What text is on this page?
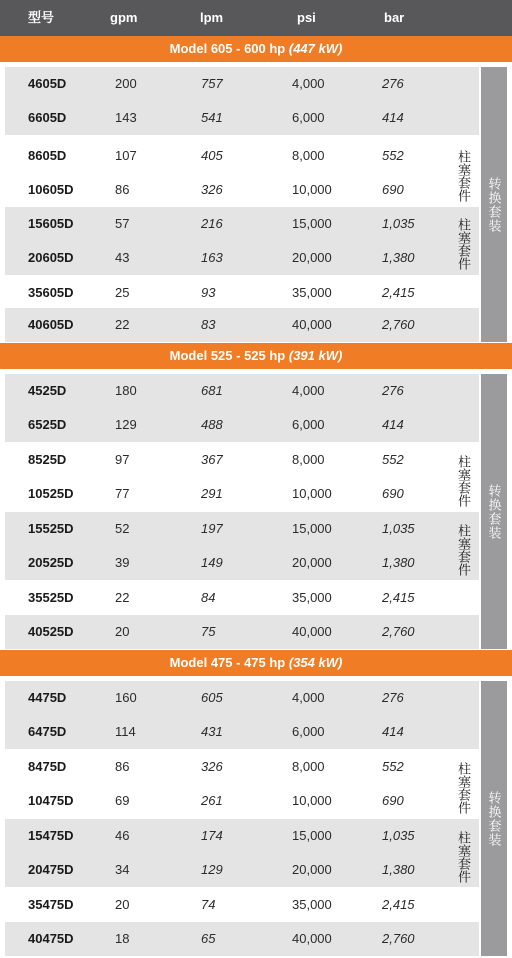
型号	gpm	lpm	psi	bar
Model 605 - 600 hp (447 kW)
4605D	200	757	4,000	276
6605D	143	541	6,000	414
8605D	107	405	8,000	552
10605D	86	326	10,000	690
15605D	57	216	15,000	1,035
20605D	43	163	20,000	1,380
35605D	25	93	35,000	2,415
40605D	22	83	40,000	2,760
柱塞套件
柱塞套件
转换套装
Model 525 - 525 hp (391 kW)
4525D	180	681	4,000	276
6525D	129	488	6,000	414
8525D	97	367	8,000	552
10525D	77	291	10,000	690
15525D	52	197	15,000	1,035
20525D	39	149	20,000	1,380
35525D	22	84	35,000	2,415
40525D	20	75	40,000	2,760
柱塞套件
柱塞套件
转换套装
Model 475 - 475 hp (354 kW)
4475D	160	605	4,000	276
6475D	114	431	6,000	414
8475D	86	326	8,000	552
10475D	69	261	10,000	690
15475D	46	174	15,000	1,035
20475D	34	129	20,000	1,380
35475D	20	74	35,000	2,415
40475D	18	65	40,000	2,760
柱塞套件
柱塞套件
转换套装
